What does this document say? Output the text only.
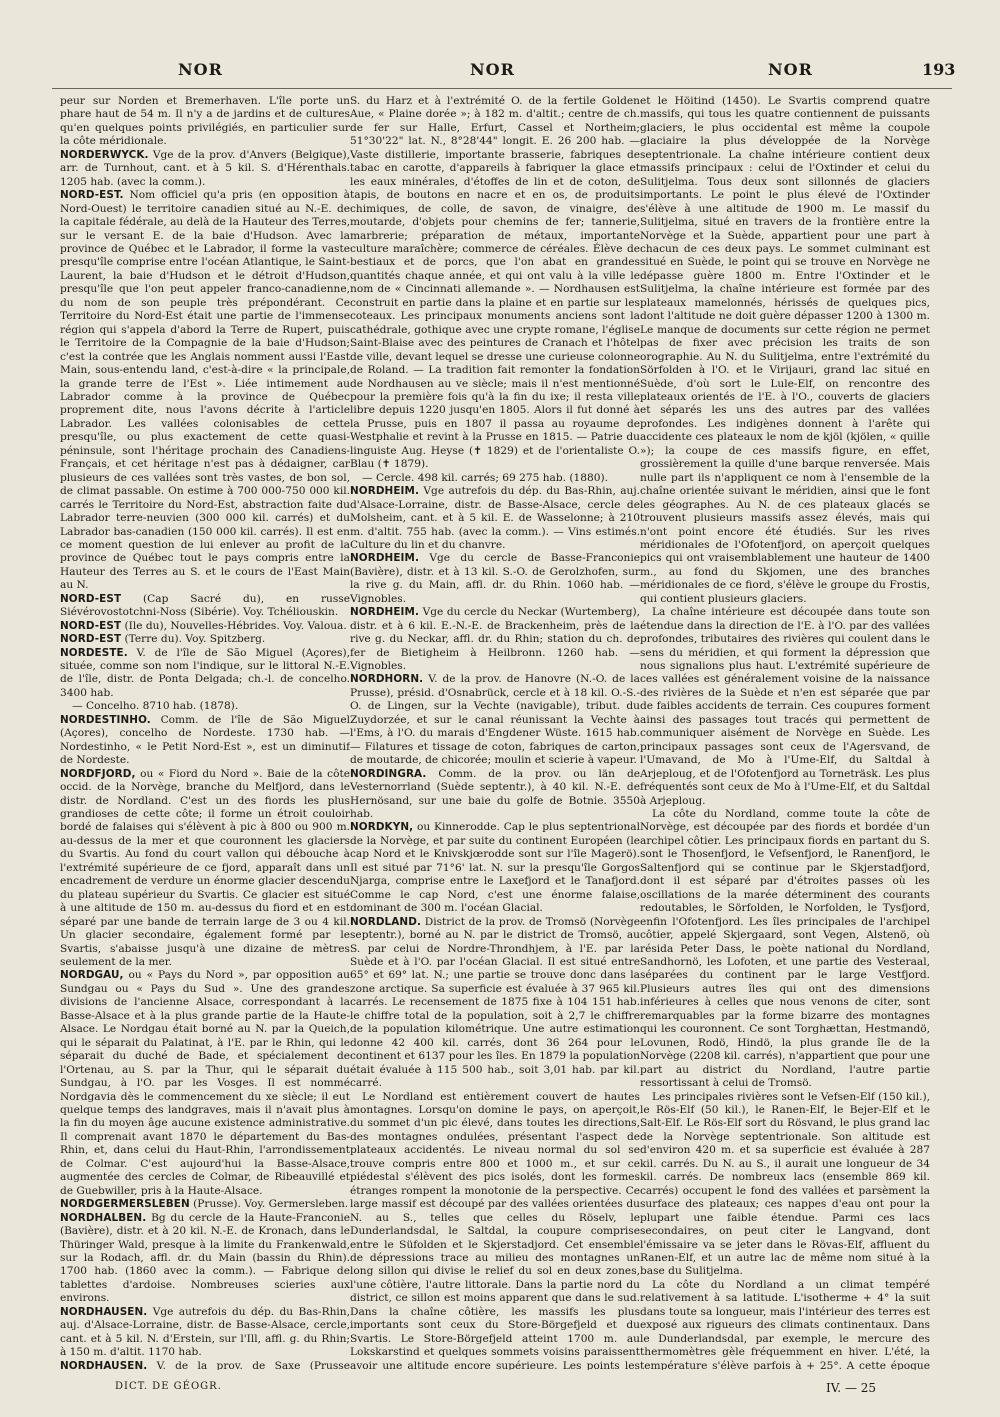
NOR	NOR	NOR	193

peur sur Norden et Bremerhaven. L'île porte un phare haut de 54 m. Il n'y a de jardins et de cultures qu'en quelques points privilégiés, en particulier sur la côte méridionale.

NORDERWYCK. Vge de la prov. d'Anvers (Belgique), arr. de Turnhout, cant. et à 5 kil. S. d'Hérenthals. 1205 hab. (avec la comm.).

NORD-EST. Nom officiel qu'a pris (en opposition à Nord-Ouest) le territoire canadien situé au N.-E. de la capitale fédérale, au delà de la Hauteur des Terres, sur le versant E. de la baie d'Hudson. Avec la province de Québec et le Labrador, il forme la vaste presqu'île comprise entre l'océan Atlantique, le Saint-Laurent, la baie d'Hudson et le détroit d'Hudson, presqu'île que l'on peut appeler franco-canadienne, du nom de son peuple très prépondérant. Ce Territoire du Nord-Est était une partie de l'immense région qui s'appela d'abord la Terre de Rupert, puis le Territoire de la Compagnie de la baie d'Hudson; c'est la contrée que les Anglais nomment aussi l'East Main, sous-entendu land, c'est-à-dire « la principale, la grande terre de l'Est ». Liée intimement au Labrador comme à la province de Québec proprement dite, nous l'avons décrite à l'article Labrador. Les vallées colonisables de cette presqu'île, ou plus exactement de cette quasi-péninsule, sont l'héritage prochain des Canadiens-Français, et cet héritage n'est pas à dédaigner, car plusieurs de ces vallées sont très vastes, de bon sol, de climat passable. On estime à 700 000-750 000 kil. carrés le Territoire du Nord-Est, abstraction faite du Labrador terre-neuvien (300 000 kil. carrés) et du Labrador bas-canadien (150 000 kil. carrés). Il est en ce moment question de lui enlever au profit de la province de Québec tout le pays compris entre la Hauteur des Terres au S. et le cours de l'East Main au N.

NORD-EST (Cap Sacré du), en russe Siévérovostotchni-Noss (Sibérie). Voy. Tchéliouskin.

NORD-EST (Ile du), Nouvelles-Hébrides. Voy. Valoua.

NORD-EST (Terre du). Voy. Spitzberg.

NORDESTE. V. de l'île de São Miguel (Açores), située, comme son nom l'indique, sur le littoral N.-E. de l'île, distr. de Ponta Delgada; ch.-l. de concelho. 3400 hab.

— Concelho. 8710 hab. (1878).

NORDESTINHO. Comm. de l'île de São Miguel (Açores), concelho de Nordeste. 1730 hab. — Nordestinho, « le Petit Nord-Est », est un diminutif de Nordeste.

NORDFJORD, ou « Fiord du Nord ». Baie de la côte occid. de la Norvège, branche du Melfjord, dans le distr. de Nordland. C'est un des fiords les plus grandioses de cette côte; il forme un étroit couloir bordé de falaises qui s'élèvent à pic à 800 ou 900 m. au-dessus de la mer et que couronnent les glaciers du Svartis. Au fond du court vallon qui débouche à l'extrémité supérieure de ce fjord, apparaît dans un encadrement de verdure un énorme glacier descendu du plateau supérieur du Svartis. Ce glacier est situé à une altitude de 150 m. au-dessus du fiord et en est séparé par une bande de terrain large de 3 ou 4 kil. Un glacier secondaire, également formé par le Svartis, s'abaisse jusqu'à une dizaine de mètres seulement de la mer.

NORDGAU, ou « Pays du Nord », par opposition au Sundgau ou « Pays du Sud ». Une des grandes divisions de l'ancienne Alsace, correspondant à la Basse-Alsace et à la plus grande partie de la Haute-Alsace. Le Nordgau était borné au N. par la Queich, qui le séparait du Palatinat, à l'E. par le Rhin, qui le séparait du duché de Bade, et spécialement de l'Ortenau, au S. par la Thur, qui le séparait du Sundgau, à l'O. par les Vosges. Il est nommé Nordgavia dès le commencement du xe siècle; il eut quelque temps des landgraves, mais il n'avait plus à la fin du moyen âge aucune existence administrative. Il comprenait avant 1870 le département du Bas-Rhin, et, dans celui du Haut-Rhin, l'arrondissement de Colmar. C'est aujourd'hui la Basse-Alsace, augmentée des cercles de Colmar, de Ribeauvillé et de Guebwiller, pris à la Haute-Alsace.

NORDGERMERSLEBEN (Prusse). Voy. Germersleben.

NORDHALBEN. Bg du cercle de la Haute-Franconie (Bavière), distr. et à 20 kil. N.-E. de Kronach, dans le Thüringer Wald, presque à la limite du Frankenwald, sur la Rodach, affl. dr. du Main (bassin du Rhin). 1700 hab. (1860 avec la comm.). — Fabrique de tablettes d'ardoise. Nombreuses scieries aux environs.

NORDHAUSEN. Vge autrefois du dép. du Bas-Rhin, auj. d'Alsace-Lorraine, distr. de Basse-Alsace, cercle, cant. et à 5 kil. N. d'Erstein, sur l'Ill, affl. g. du Rhin; à 150 m. d'altit. 1170 hab.

NORDHAUSEN. V. de la prov. de Saxe (Prusse

S. du Harz et à l'extrémité O. de la fertile Golden Aue, « Plaine dorée »; à 182 m. d'altit.; centre de ch. de fer sur Halle, Erfurt, Cassel et Northeim; 51°30'22" lat. N., 8°28'44" longit. E. 26 200 hab. — Vaste distillerie, importante brasserie, fabriques de tabac en carotte, d'appareils à fabriquer la glace et les eaux minérales, d'étoffes de lin et de coton, de tapis, de boutons en nacre et en os, de produits chimiques, de colle, de savon, de vinaigre, de moutarde, d'objets pour chemins de fer; tannerie, marbrerie; préparation de métaux, importante culture maraîchère; commerce de céréales. Élève de bestiaux et de porcs, que l'on abat en grandes quantités chaque année, et qui ont valu à la ville le nom de « Cincinnati allemande ». — Nordhausen est construit en partie dans la plaine et en partie sur les coteaux. Les principaux monuments anciens sont la cathédrale, gothique avec une crypte romane, l'église Saint-Blaise avec des peintures de Cranach et l'hôtel de ville, devant lequel se dresse une curieuse colonne de Roland. — La tradition fait remonter la fondation de Nordhausen au ve siècle; mais il n'est mentionné pour la première fois qu'à la fin du ixe; il resta ville libre depuis 1220 jusqu'en 1805. Alors il fut donné à la Prusse, puis en 1807 il passa au royaume de Westphalie et revint à la Prusse en 1815. — Patrie du linguiste Aug. Heyse (✝ 1829) et de l'orientaliste O. Blau (✝ 1879).

— Cercle. 498 kil. carrés; 69 275 hab. (1880).

NORDHEIM. Vge autrefois du dép. du Bas-Rhin, auj. d'Alsace-Lorraine, distr. de Basse-Alsace, cercle de Molsheim, cant. et à 5 kil. E. de Wasselonne; à 210 m. d'altit. 755 hab. (avec la comm.). — Vins estimés. Culture du lin et du chanvre.

NORDHEIM. Vge du cercle de Basse-Franconie (Bavière), distr. et à 13 kil. S.-O. de Gerolzhofen, sur la rive g. du Main, affl. dr. du Rhin. 1060 hab. — Vignobles.

NORDHEIM. Vge du cercle du Neckar (Wurtemberg), distr. et à 6 kil. E.-N.-E. de Brackenheim, près de la rive g. du Neckar, affl. dr. du Rhin; station du ch. de fer de Bietigheim à Heilbronn. 1260 hab. — Vignobles.

NORDHORN. V. de la prov. de Hanovre (N.-O. de la Prusse), présid. d'Osnabrück, cercle et à 18 kil. O.-S.-O. de Lingen, sur la Vechte (navigable), tribut. du Zuydorzée, et sur le canal réunissant la Vechte à l'Ems, à l'O. du marais d'Engdener Wüste. 1615 hab. — Filatures et tissage de coton, fabriques de carton, de moutarde, de chicorée; moulin et scierie à vapeur.

NORDINGRA. Comm. de la prov. ou län de Vesternorrland (Suède septentr.), à 40 kil. N.-E. de Hernösand, sur une baie du golfe de Botnie. 3550 hab.

NORDKYN, ou Kinnerodde. Cap le plus septentrional de la Norvège, et par suite du continent Européen (le cap Nord et le Knivskjœrodde sont sur l'île Magerö). Il est situé par 71°6' lat. N. sur la presqu'île Gorgos Njarga, comprise entre le Laxefjord et le Tanafjord. Comme le cap Nord, c'est une énorme falaise, dominant de 300 m. l'océan Glacial.

NORDLAND. District de la prov. de Tromsö (Norvège septentr.), borné au N. par le district de Tromsö, au S. par celui de Nordre-Throndhjem, à l'E. par la Suède et à l'O. par l'océan Glacial. Il est situé entre 65° et 69° lat. N.; une partie se trouve donc dans la zone arctique. Sa superficie est évaluée à 37 965 kil. carrés. Le recensement de 1875 fixe à 104 151 hab. le chiffre total de la population, soit à 2,7 le chiffre de la population kilométrique. Une autre estimation donne 42 400 kil. carrés, dont 36 264 pour le continent et 6137 pour les îles. En 1879 la population était évaluée à 115 500 hab., soit 3,01 hab. par kil. carré.

Le Nordland est entièrement couvert de hautes montagnes. Lorsqu'on domine le pays, on aperçoit, du sommet d'un pic élevé, dans toutes les directions, des montagnes ondulées, présentant l'aspect de plateaux accidentés. Le niveau normal du sol se trouve compris entre 800 et 1000 m., et sur ce piédestal s'élèvent des pics isolés, dont les formes étranges rompent la monotonie de la perspective. Ce large massif est découpé par des vallées orientées du N. au S., telles que celles du Röselv, le Dunderlandsdal, le Saltdal, la coupure comprise entre le Süfolden et le Skjerstadjord. Cet ensemble de dépressions trace au milieu des montagnes un long sillon qui divise le relief du sol en deux zones, l'une côtière, l'autre littorale. Dans la partie nord du district, ce sillon est moins apparent que dans le sud. Dans la chaîne côtière, les massifs les plus importants sont ceux du Store-Börgefjeld et du Svartis. Le Store-Börgefjeld atteint 1700 m. au Lokskarstind et quelques sommets voisins paraissent avoir une altitude encore supérieure. Les points les

et le Höitind (1450). Le Svartis comprend quatre massifs, qui tous les quatre contiennent de puissants glaciers, le plus occidental est même la coupole glaciaire la plus développée de la Norvège septentrionale. La chaîne intérieure contient deux massifs principaux : celui de l'Oxtinder et celui du Sulitjelma. Tous deux sont sillonnés de glaciers importants. Le point le plus élevé de l'Oxtinder s'élève à une altitude de 1900 m. Le massif du Sulitjelma, situé en travers de la frontière entre la Norvège et la Suède, appartient pour une part à chacun de ces deux pays. Le sommet culminant est situé en Suède, le point qui se trouve en Norvège ne dépasse guère 1800 m. Entre l'Oxtinder et le Sulitjelma, la chaîne intérieure est formée par des plateaux mamelonnés, hérissés de quelques pics, dont l'altitude ne doit guère dépasser 1200 à 1300 m. Le manque de documents sur cette région ne permet pas de fixer avec précision les traits de son orographie. Au N. du Sulitjelma, entre l'extrémité du Sörfolden à l'O. et le Virijauri, grand lac situé en Suède, d'où sort le Lule-Elf, on rencontre des plateaux orientés de l'E. à l'O., couverts de glaciers et séparés les uns des autres par des vallées profondes. Les indigènes donnent à l'arête qui accidente ces plateaux le nom de kjöl (kjölen, « quille »); la coupe de ces massifs figure, en effet, grossièrement la quille d'une barque renversée. Mais nulle part ils n'appliquent ce nom à l'ensemble de la chaîne orientée suivant le méridien, ainsi que le font les géographes. Au N. de ces plateaux glacés se trouvent plusieurs massifs assez élevés, mais qui n'ont point encore été étudiés. Sur les rives méridionales de l'Ofotenfjord, on aperçoit quelques pics qui ont vraisemblablement une hauteur de 1400 m., au fond du Skjomen, une des branches méridionales de ce fiord, s'élève le groupe du Frostis, qui contient plusieurs glaciers.

La chaîne intérieure est découpée dans toute son étendue dans la direction de l'E. à l'O. par des vallées profondes, tributaires des rivières qui coulent dans le sens du méridien, et qui forment la dépression que nous signalions plus haut. L'extrémité supérieure de ces vallées est généralement voisine de la naissance des rivières de la Suède et n'en est séparée que par de faibles accidents de terrain. Ces coupures forment ainsi des passages tout tracés qui permettent de communiquer aisément de Norvège en Suède. Les principaux passages sont ceux de l'Agersvand, de l'Umavand, de Mo à l'Ume-Elf, du Saltdal à Arjeploug, et de l'Ofotenfjord au Torneträsk. Les plus fréquentés sont ceux de Mo à l'Ume-Elf, et du Saltdal à Arjeploug.

La côte du Nordland, comme toute la côte de Norvège, est découpée par des fiords et bordée d'un archipel côtier. Les principaux fiords en partant du S. sont le Thosenfjord, le Vefsenfjord, le Ranenfjord, le Saltenfjord qui se continue par le Skjerstadfjord, dont il est séparé par d'étroites passes où les oscillations de la marée déterminent des courants redoutables, le Sörfolden, le Norfolden, le Tysfjord, enfin l'Ofotenfjord. Les îles principales de l'archipel côtier, appelé Skjergaard, sont Vegen, Alstenö, où résida Peter Dass, le poète national du Nordland, Sandhornö, les Lofoten, et une partie des Vesteraal, séparées du continent par le large Vestfjord. Plusieurs autres îles qui ont des dimensions inférieures à celles que nous venons de citer, sont remarquables par la forme bizarre des montagnes qui les couronnent. Ce sont Torghættan, Hestmandö, Lovunen, Rodö, Hindö, la plus grande île de la Norvège (2208 kil. carrés), n'appartient que pour une part au district du Nordland, l'autre partie ressortissant à celui de Tromsö.

Les principales rivières sont le Vefsen-Elf (150 kil.), le Rös-Elf (50 kil.), le Ranen-Elf, le Bejer-Elf et le Salt-Elf. Le Rös-Elf sort du Rösvand, le plus grand lac de la Norvège septentrionale. Son altitude est d'environ 420 m. et sa superficie est évaluée à 287 kil. carrés. Du N. au S., il aurait une longueur de 34 kil. carrés. De nombreux lacs (ensemble 869 kil. carrés) occupent le fond des vallées et parsèment la surface des plateaux; ces nappes d'eau ont pour la plupart une faible étendue. Parmi ces lacs secondaires, on peut citer le Langvand, dont l'émissaire va se jeter dans le Rövas-Elf, affluent du Ranen-Elf, et un autre lac de même nom situé à la base du Sulitjelma.

La côte du Nordland a un climat tempéré relativement à sa latitude. L'isotherme + 4° la suit dans toute sa longueur, mais l'intérieur des terres est exposé aux rigueurs des climats continentaux. Dans le Dunderlandsdal, par exemple, le mercure des thermomètres gèle fréquemment en hiver. L'été, la température s'élève parfois à + 25°. A cette époque

DICT. DE GÉOGR.	IV. — 25
